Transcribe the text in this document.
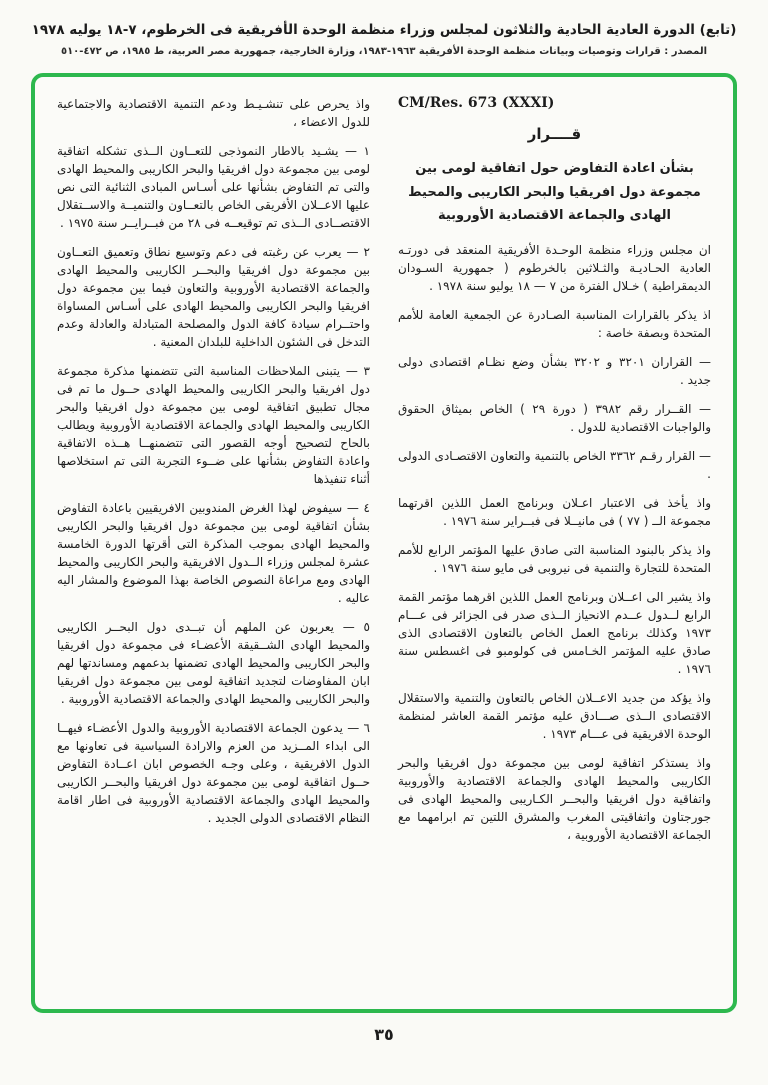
(تابع) الدورة العادية الحادية والثلاثون لمجلس وزراء منظمة الوحدة الأفريقية فى الخرطوم، ٧-١٨ يوليه ١٩٧٨
المصدر : قرارات وتوصيات وبيانات منظمة الوحدة الأفريقية ١٩٦٣-١٩٨٣، وزارة الخارجية، جمهورية مصر العربية، ط ١٩٨٥، ص ٤٧٢-٥١٠
CM/Res. 673 (XXXI)
قــــرار
بشأن اعادة التفاوض حول اتفاقية لومى بين مجموعة دول افريقيا والبحر الكاريبى والمحيط الهادى والجماعة الاقتصادية الأوروبية

ان مجلس وزراء منظمة الوحـدة الأفريقية المنعقد فى دورتـه العادية الحـاديـة والثـلاثين بالخرطوم ( جمهورية السـودان الديمقراطية ) خـلال الفترة من ٧ — ١٨ يوليو سنة ١٩٧٨ .

اذ يذكر بالقرارات المناسبة الصـادرة عن الجمعية العامة للأمم المتحدة وبصفة خاصة :

— القراران ٣٢٠١ و ٣٢٠٢ بشأن وضع نظـام اقتصادى دولى جديد .

— القــرار رقم ٣٩٨٢ ( دورة ٢٩ ) الخاص بميثاق الحقوق والواجبات الاقتصادية للدول .

— القرار رقـم ٣٣٦٢ الخاص بالتنمية والتعاون الاقتصـادى الدولى .

واذ يأخذ فى الاعتبار اعـلان وبرنامج العمل اللذين اقرتهما مجموعة الــ ( ٧٧ ) فى مانيــلا فى فبــراير سنة ١٩٧٦ .

واذ يذكر بالبنود المناسبة التى صادق عليها المؤتمر الرابع للأمم المتحدة للتجارة والتنمية فى نيروبى فى مايو سنة ١٩٧٦ .

واذ يشير الى اعــلان وبرنامج العمل اللذين اقرهما مؤتمر القمة الرابع لــدول عــدم الانحياز الــذى صدر فى الجزائر فى عـــام ١٩٧٣ وكذلك برنامج العمل الخاص بالتعاون الاقتصادى الذى صادق عليه المؤتمر الخـامس فى كولومبو فى اغسطس سنة ١٩٧٦ .

واذ يؤكد من جديد الاعــلان الخاص بالتعاون والتنمية والاستقلال الاقتصادى الــذى صـــادق عليه مؤتمر القمة العاشر لمنظمة الوحدة الافريقية فى عـــام ١٩٧٣ .

واذ يستذكر اتفاقية لومى بين مجموعة دول افريقيا والبحر الكاريبى والمحيط الهادى والجماعة الاقتصادية والأوروبية واتفاقية دول افريقيا والبحــر الكـاريبى والمحيط الهادى فى جورجتاون واتفاقيتى المغرب والمشرق اللتين تم ابرامهما مع الجماعة الاقتصادية الأوروبية ،

واذ يحرص على تنشـيـط ودعم التنمية الاقتصادية والاجتماعية للدول الاعضاء ،

١ — يشـيد بالاطار النموذجى للتعــاون الــذى تشكله اتفاقية لومى بين مجموعة دول افريقيا والبحر الكاريبى والمحيط الهادى والتى تم التفاوض بشأنها على أسـاس المبادى الثنائية التى نص عليها الاعــلان الأفريقى الخاص بالتعــاون والتنميــة والاســتقلال الاقتصــادى الــذى تم توقيعــه فى ٢٨ من فبــرايــر سنة ١٩٧٥ .

٢ — يعرب عن رغبته فى دعم وتوسيع نطاق وتعميق التعــاون بين مجموعة دول افريقيا والبحــر الكاريبى والمحيط الهادى والجماعة الاقتصادية الأوروبية والتعاون فيما بين مجموعة دول افريقيا والبحر الكاريبى والمحيط الهادى على أسـاس المساواة واحتــرام سيادة كافة الدول والمصلحة المتبادلة والعادلة وعدم التدخل فى الشئون الداخلية للبلدان المعنية .

٣ — يتبنى الملاحظات المناسبة التى تتضمنها مذكرة مجموعة دول افريقيا والبحر الكاريبى والمحيط الهادى حــول ما تم فى مجال تطبيق اتفاقية لومى بين مجموعة دول افريقيا والبحر الكاريبى والمحيط الهادى والجماعة الاقتصادية الأوروبية ويطالب بالحاح لتصحيح أوجه القصور التى تتضمنهــا هــذه الاتفاقية واعادة التفاوض بشأنها على ضــوء التجربة التى تم استخلاصها أثناء تنفيذها

٤ — سيفوض لهذا الغرض المندوبين الافريقيين باعادة التفاوض بشأن اتفاقية لومى بين مجموعة دول افريقيا والبحر الكاريبى والمحيط الهادى بموجب المذكرة التى أقرتها الدورة الخامسة عشرة لمجلس وزراء الــدول الافريقية والبحر الكاريبى والمحيط الهادى ومع مراعاة النصوص الخاصة بهذا الموضوع والمشار اليه عاليه .

٥ — يعربون عن الملهم أن تبــدى دول البحــر الكاريبى والمحيط الهادى الشــقيقة الأعضـاء فى مجموعة دول افريقيا والبحر الكاريبى والمحيط الهادى تضمنها بدعمهم ومساندتها لهم ابان المفاوضات لتجديد اتفاقية لومى بين مجموعة دول افريقيا والبحر الكاريبى والمحيط الهادى والجماعة الاقتصادية الأوروبية .

٦ — يدعون الجماعة الاقتصادية الأوروبية والدول الأعضـاء فيهــا الى ابداء المــزيد من العزم والارادة السياسية فى تعاونها مع الدول الافريقية ، وعلى وجـه الخصوص ابان اعــادة التفاوض حــول اتفاقية لومى بين مجموعة دول افريقيا والبحــر الكاريبى والمحيط الهادى والجماعة الاقتصادية الأوروبية فى اطار اقامة النظام الاقتصادى الدولى الجديد .

٣٥
